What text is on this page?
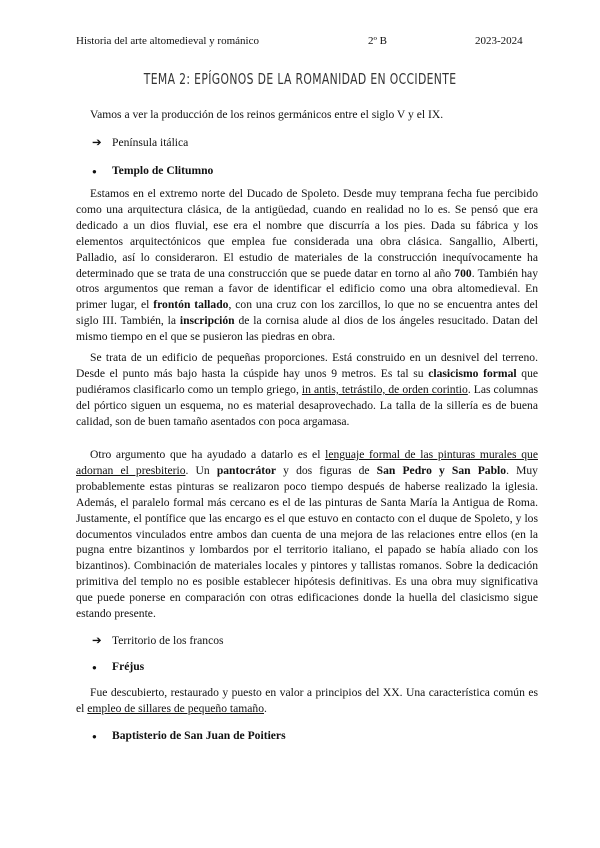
Historia del arte altomedieval y románico	2º B	2023-2024
TEMA 2: EPÍGONOS DE LA ROMANIDAD EN OCCIDENTE

Vamos a ver la producción de los reinos germánicos entre el siglo V y el IX.

➔ Península itálica
● Templo de Clitumno

Estamos en el extremo norte del Ducado de Spoleto. Desde muy temprana fecha fue percibido como una arquitectura clásica, de la antigüedad, cuando en realidad no lo es. Se pensó que era dedicado a un dios fluvial, ese era el nombre que discurría a los pies. Dada su fábrica y los elementos arquitectónicos que emplea fue considerada una obra clásica. Sangallio, Alberti, Palladio, así lo consideraron. El estudio de materiales de la construcción inequívocamente ha determinado que se trata de una construcción que se puede datar en torno al año 700. También hay otros argumentos que reman a favor de identificar el edificio como una obra altomedieval. En primer lugar, el frontón tallado, con una cruz con los zarcillos, lo que no se encuentra antes del siglo III. También, la inscripción de la cornisa alude al dios de los ángeles resucitado. Datan del mismo tiempo en el que se pusieron las piedras en obra.

Se trata de un edificio de pequeñas proporciones. Está construido en un desnivel del terreno. Desde el punto más bajo hasta la cúspide hay unos 9 metros. Es tal su clasicismo formal que pudiéramos clasificarlo como un templo griego, in antis, tetrástilo, de orden corintio. Las columnas del pórtico siguen un esquema, no es material desaprovechado. La talla de la sillería es de buena calidad, son de buen tamaño asentados con poca argamasa.

Otro argumento que ha ayudado a datarlo es el lenguaje formal de las pinturas murales que adornan el presbiterio. Un pantocrátor y dos figuras de San Pedro y San Pablo. Muy probablemente estas pinturas se realizaron poco tiempo después de haberse realizado la iglesia. Además, el paralelo formal más cercano es el de las pinturas de Santa María la Antigua de Roma. Justamente, el pontífice que las encargo es el que estuvo en contacto con el duque de Spoleto, y los documentos vinculados entre ambos dan cuenta de una mejora de las relaciones entre ellos (en la pugna entre bizantinos y lombardos por el territorio italiano, el papado se había aliado con los bizantinos). Combinación de materiales locales y pintores y tallistas romanos. Sobre la dedicación primitiva del templo no es posible establecer hipótesis definitivas. Es una obra muy significativa que puede ponerse en comparación con otras edificaciones donde la huella del clasicismo sigue estando presente.

➔ Territorio de los francos
● Fréjus

Fue descubierto, restaurado y puesto en valor a principios del XX. Una característica común es el empleo de sillares de pequeño tamaño.

● Baptisterio de San Juan de Poitiers
